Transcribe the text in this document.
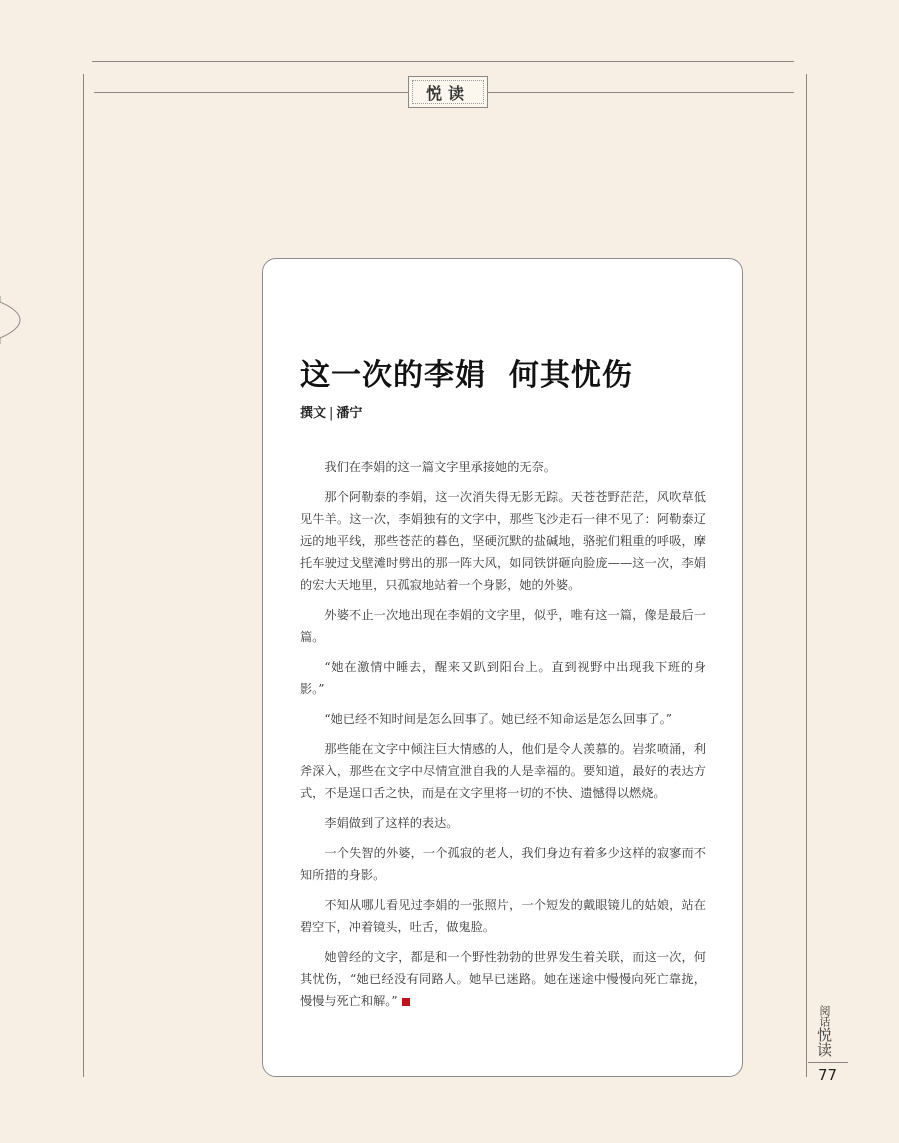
悦读
这一次的李娟  何其忧伤
撰文 | 潘宁

我们在李娟的这一篇文字里承接她的无奈。

那个阿勒泰的李娟，这一次消失得无影无踪。天苍苍野茫茫，风吹草低见牛羊。这一次，李娟独有的文字中，那些飞沙走石一律不见了：阿勒泰辽远的地平线，那些苍茫的暮色，坚硬沉默的盐碱地，骆驼们粗重的呼吸，摩托车驶过戈壁滩时劈出的那一阵大风，如同铁饼砸向脸庞——这一次，李娟的宏大天地里，只孤寂地站着一个身影，她的外婆。

外婆不止一次地出现在李娟的文字里，似乎，唯有这一篇，像是最后一篇。

“她在激情中睡去，醒来又趴到阳台上。直到视野中出现我下班的身影。”

“她已经不知时间是怎么回事了。她已经不知命运是怎么回事了。”

那些能在文字中倾注巨大情感的人，他们是令人羡慕的。岩浆喷涌，利斧深入，那些在文字中尽情宣泄自我的人是幸福的。要知道，最好的表达方式，不是逞口舌之快，而是在文字里将一切的不快、遗憾得以燃烧。

李娟做到了这样的表达。

一个失智的外婆，一个孤寂的老人，我们身边有着多少这样的寂寥而不知所措的身影。

不知从哪儿看见过李娟的一张照片，一个短发的戴眼镜儿的姑娘，站在碧空下，冲着镜头，吐舌，做鬼脸。

她曾经的文字，都是和一个野性勃勃的世界发生着关联，而这一次，何其忧伤，“她已经没有同路人。她早已迷路。她在迷途中慢慢向死亡靠拢，慢慢与死亡和解。”

阅话悦读
77
